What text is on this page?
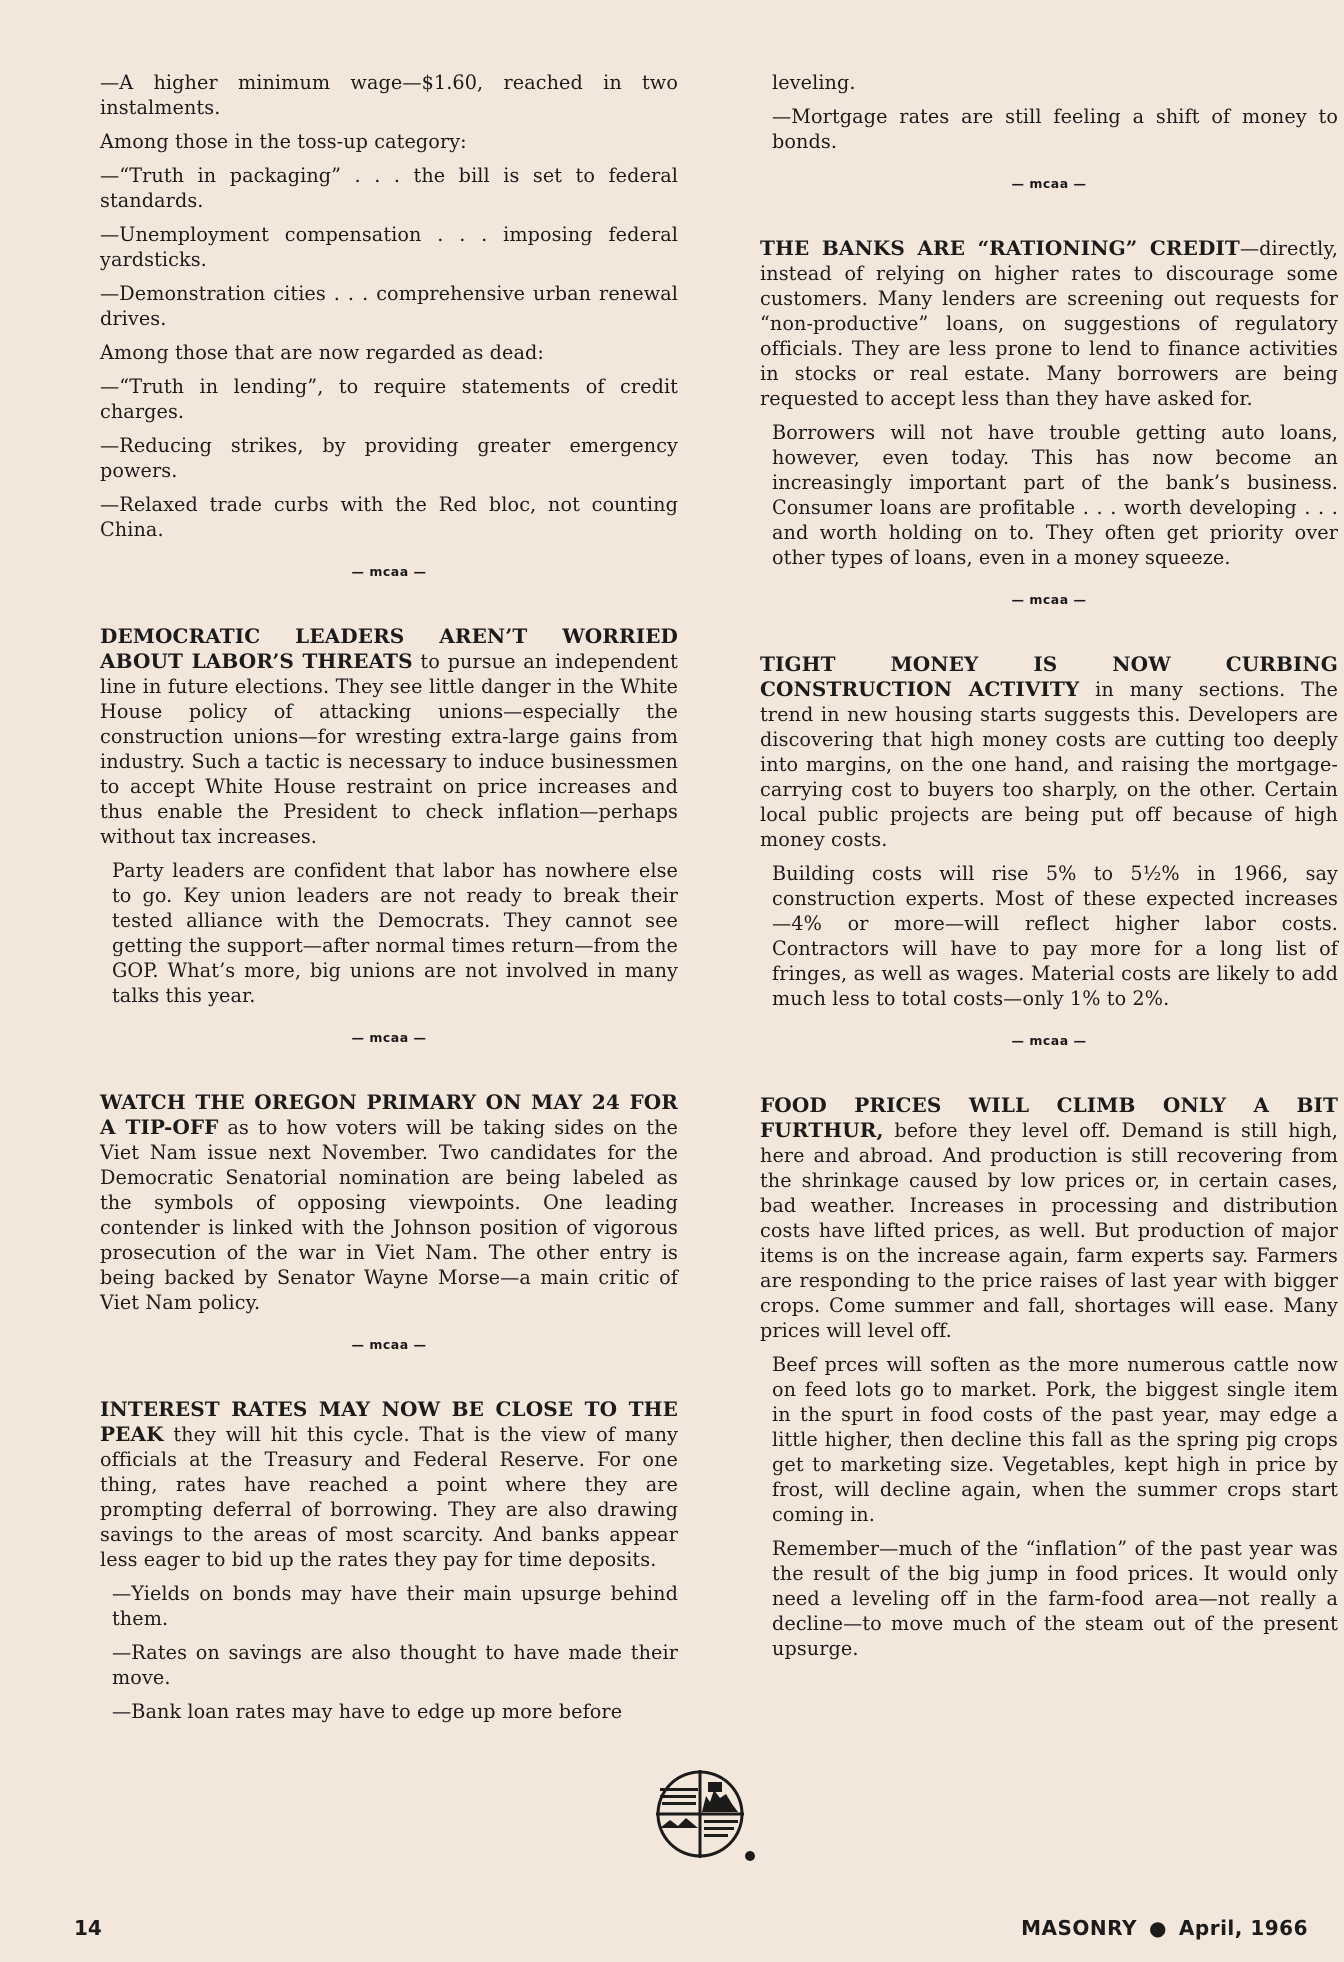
—A higher minimum wage—$1.60, reached in two instalments.

Among those in the toss-up category:

—“Truth in packaging” . . . the bill is set to federal standards.

—Unemployment compensation . . . imposing federal yardsticks.

—Demonstration cities . . . comprehensive urban renewal drives.

Among those that are now regarded as dead:

—“Truth in lending”, to require statements of credit charges.

—Reducing strikes, by providing greater emergency powers.

—Relaxed trade curbs with the Red bloc, not counting China.

— mcaa —

DEMOCRATIC LEADERS AREN’T WORRIED ABOUT LABOR’S THREATS to pursue an independent line in future elections. They see little danger in the White House policy of attacking unions—especially the construction unions—for wresting extra-large gains from industry. Such a tactic is necessary to induce businessmen to accept White House restraint on price increases and thus enable the President to check inflation—perhaps without tax increases.

Party leaders are confident that labor has nowhere else to go. Key union leaders are not ready to break their tested alliance with the Democrats. They cannot see getting the support—after normal times return—from the GOP. What’s more, big unions are not involved in many talks this year.

— mcaa —

WATCH THE OREGON PRIMARY ON MAY 24 FOR A TIP-OFF as to how voters will be taking sides on the Viet Nam issue next November. Two candidates for the Democratic Senatorial nomination are being labeled as the symbols of opposing viewpoints. One leading contender is linked with the Johnson position of vigorous prosecution of the war in Viet Nam. The other entry is being backed by Senator Wayne Morse—a main critic of Viet Nam policy.

— mcaa —

INTEREST RATES MAY NOW BE CLOSE TO THE PEAK they will hit this cycle. That is the view of many officials at the Treasury and Federal Reserve. For one thing, rates have reached a point where they are prompting deferral of borrowing. They are also drawing savings to the areas of most scarcity. And banks appear less eager to bid up the rates they pay for time deposits.

—Yields on bonds may have their main upsurge behind them.

—Rates on savings are also thought to have made their move.

—Bank loan rates may have to edge up more before

leveling.

—Mortgage rates are still feeling a shift of money to bonds.

— mcaa —

THE BANKS ARE “RATIONING” CREDIT—directly, instead of relying on higher rates to discourage some customers. Many lenders are screening out requests for “non-productive” loans, on suggestions of regulatory officials. They are less prone to lend to finance activities in stocks or real estate. Many borrowers are being requested to accept less than they have asked for.

Borrowers will not have trouble getting auto loans, however, even today. This has now become an increasingly important part of the bank’s business. Consumer loans are profitable . . . worth developing . . . and worth holding on to. They often get priority over other types of loans, even in a money squeeze.

— mcaa —

TIGHT MONEY IS NOW CURBING CONSTRUCTION ACTIVITY in many sections. The trend in new housing starts suggests this. Developers are discovering that high money costs are cutting too deeply into margins, on the one hand, and raising the mortgage-carrying cost to buyers too sharply, on the other. Certain local public projects are being put off because of high money costs.

Building costs will rise 5% to 5½% in 1966, say construction experts. Most of these expected increases —4% or more—will reflect higher labor costs. Contractors will have to pay more for a long list of fringes, as well as wages. Material costs are likely to add much less to total costs—only 1% to 2%.

— mcaa —

FOOD PRICES WILL CLIMB ONLY A BIT FURTHUR, before they level off. Demand is still high, here and abroad. And production is still recovering from the shrinkage caused by low prices or, in certain cases, bad weather. Increases in processing and distribution costs have lifted prices, as well. But production of major items is on the increase again, farm experts say. Farmers are responding to the price raises of last year with bigger crops. Come summer and fall, shortages will ease. Many prices will level off.

Beef prces will soften as the more numerous cattle now on feed lots go to market. Pork, the biggest single item in the spurt in food costs of the past year, may edge a little higher, then decline this fall as the spring pig crops get to marketing size. Vegetables, kept high in price by frost, will decline again, when the summer crops start coming in.

Remember—much of the “inflation” of the past year was the result of the big jump in food prices. It would only need a leveling off in the farm-food area—not really a decline—to move much of the steam out of the present upsurge.

14	MASONRY ● April, 1966
